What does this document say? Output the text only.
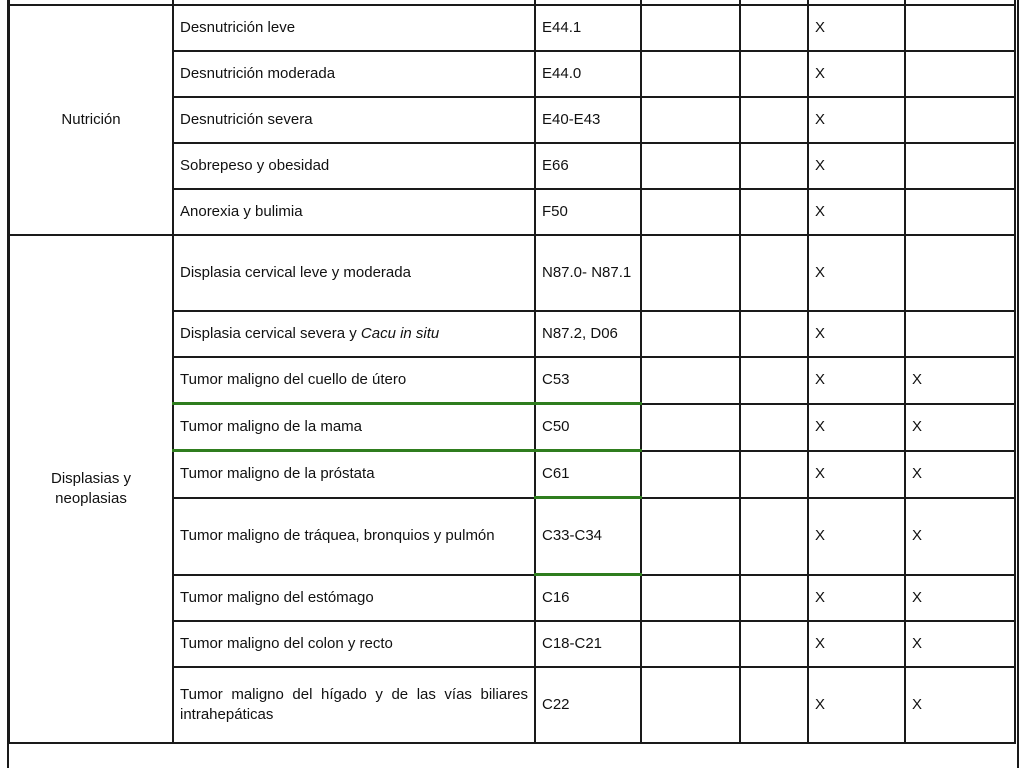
Nutrición	Desnutrición leve	E44.1			X	
	Desnutrición moderada	E44.0			X	
	Desnutrición severa	E40-E43			X	
	Sobrepeso y obesidad	E66			X	
	Anorexia y bulimia	F50			X	
Displasias y neoplasias	Displasia cervical leve y moderada	N87.0- N87.1			X	
	Displasia cervical severa y Cacu in situ	N87.2, D06			X	
	Tumor maligno del cuello de útero	C53			X	X
	Tumor maligno de la mama	C50			X	X
	Tumor maligno de la próstata	C61			X	X
	Tumor maligno de tráquea, bronquios y pulmón	C33-C34			X	X
	Tumor maligno del estómago	C16			X	X
	Tumor maligno del colon y recto	C18-C21			X	X
	Tumor maligno del hígado y de las vías biliares intrahepáticas	C22			X	X
